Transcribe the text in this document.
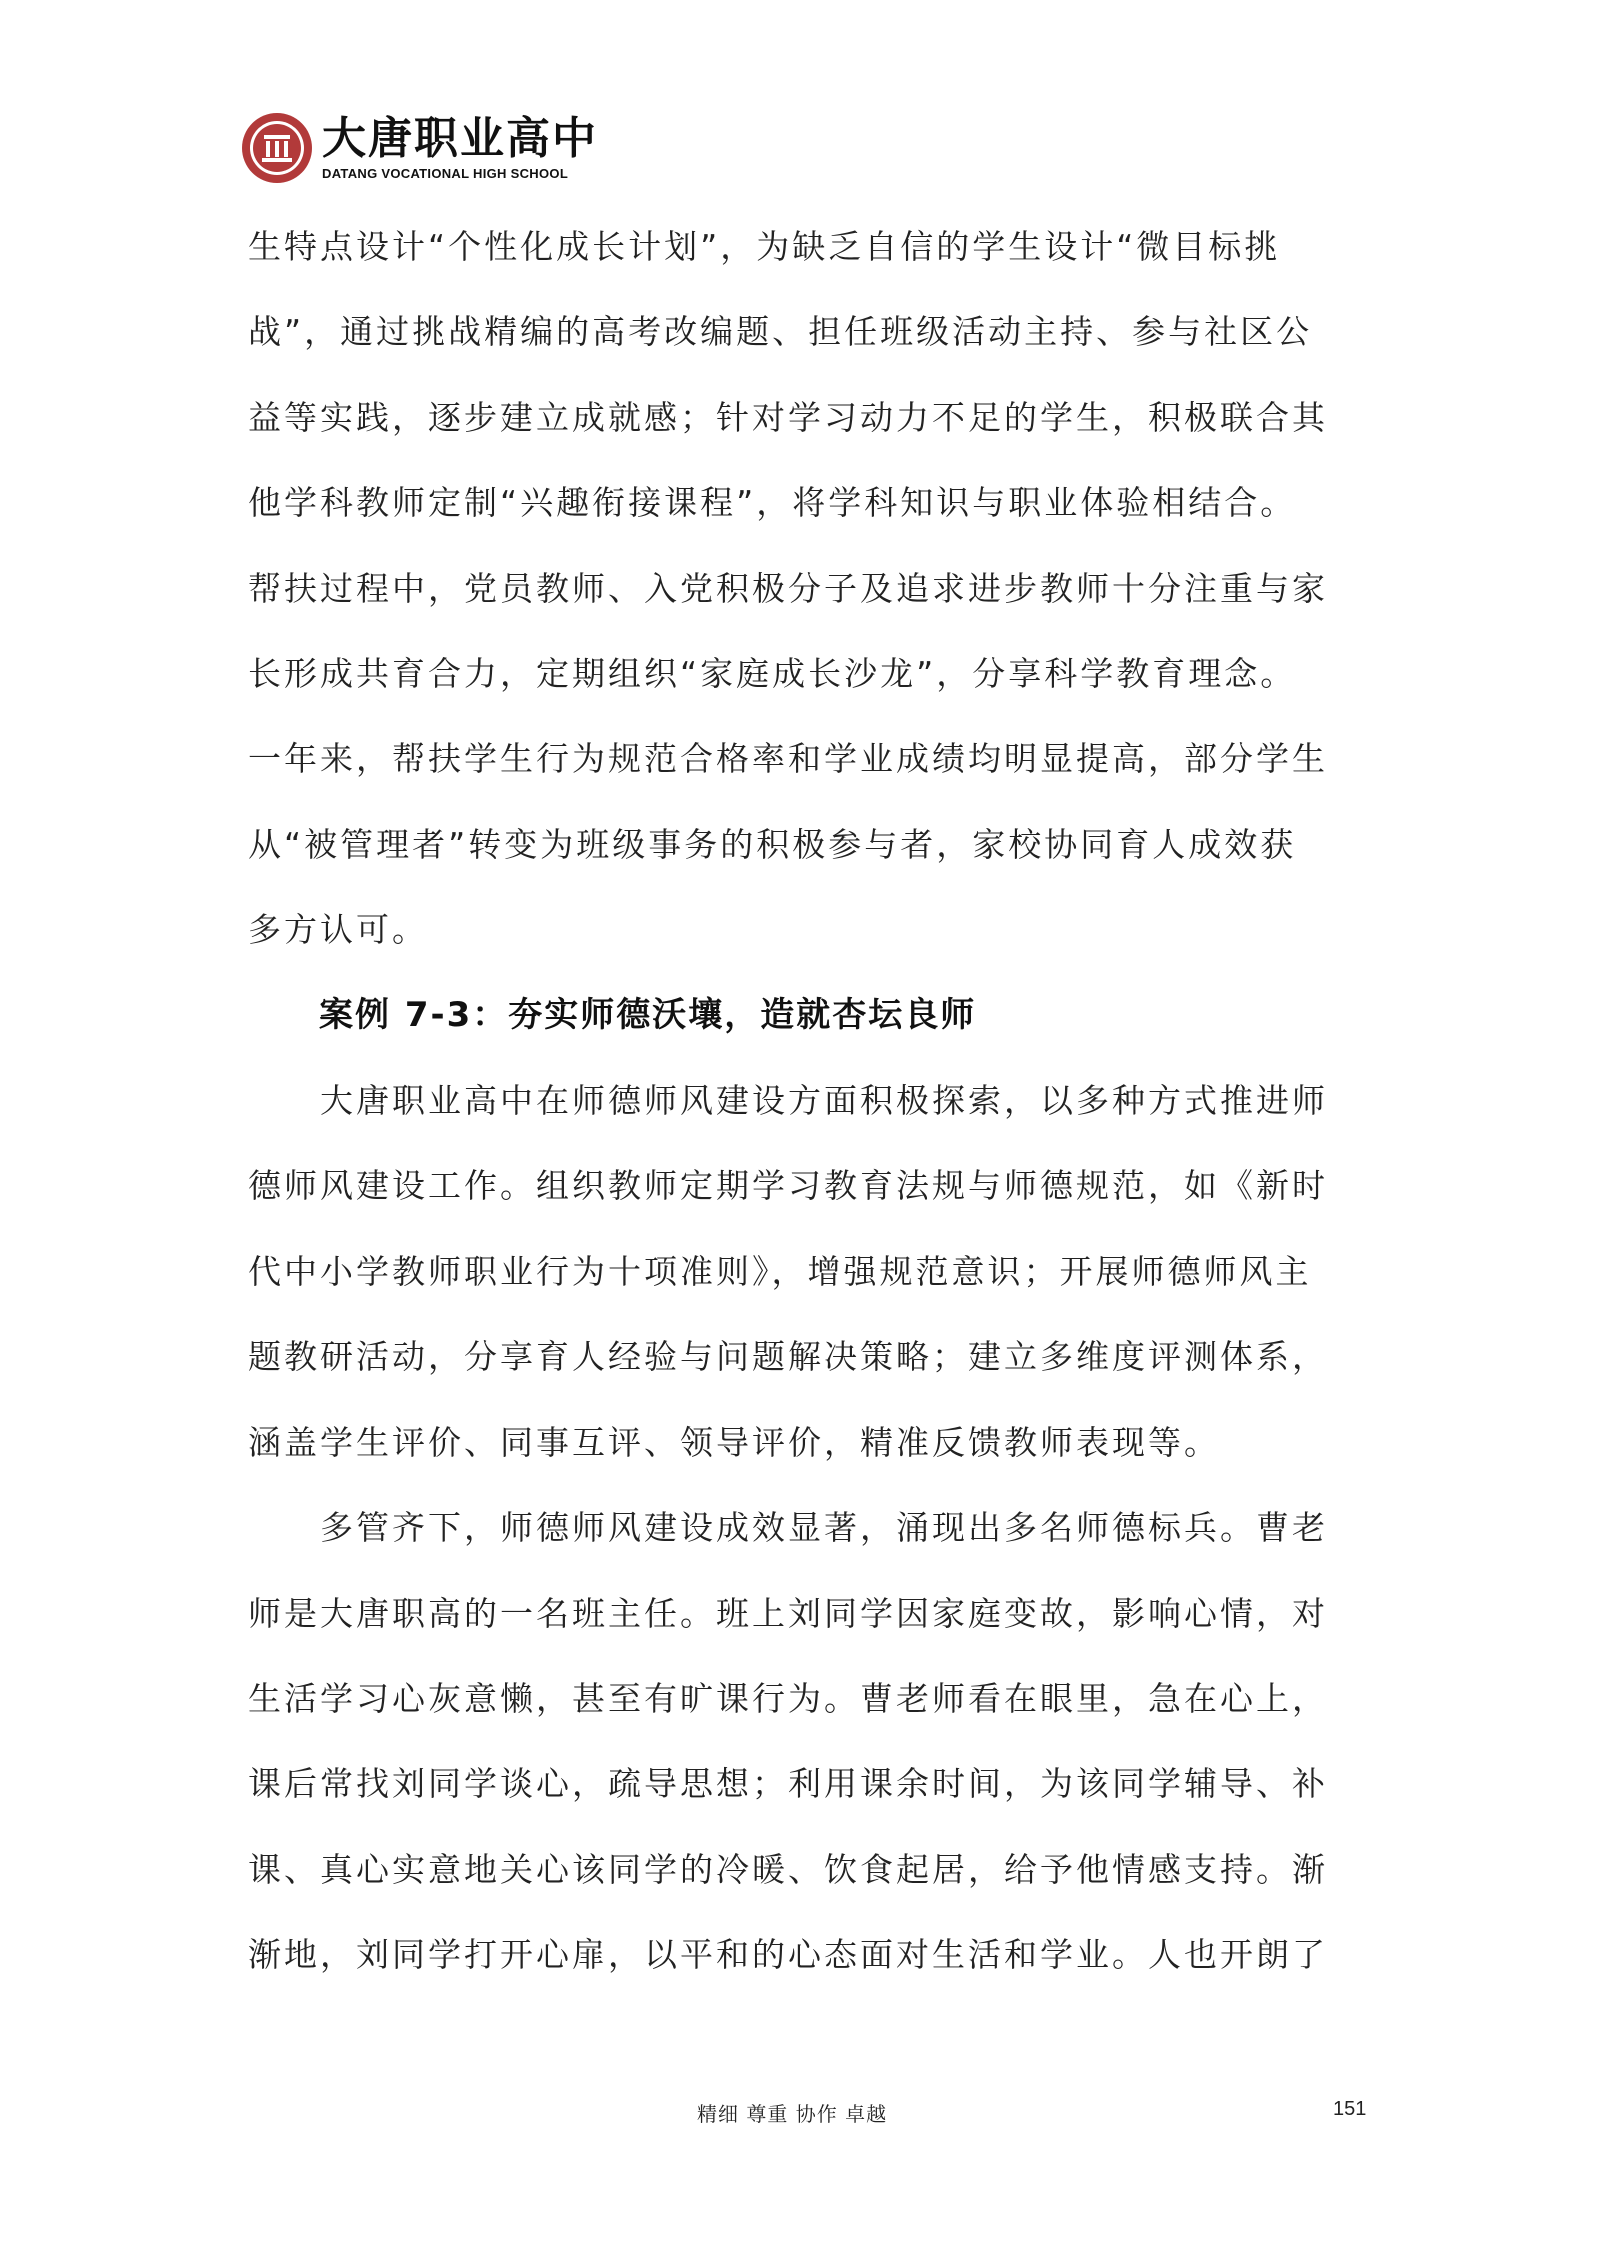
大唐职业高中
DATANG VOCATIONAL HIGH SCHOOL

生特点设计“个性化成长计划”，为缺乏自信的学生设计“微目标挑
战”，通过挑战精编的高考改编题、担任班级活动主持、参与社区公
益等实践，逐步建立成就感；针对学习动力不足的学生，积极联合其
他学科教师定制“兴趣衔接课程”，将学科知识与职业体验相结合。
帮扶过程中，党员教师、入党积极分子及追求进步教师十分注重与家
长形成共育合力，定期组织“家庭成长沙龙”，分享科学教育理念。
一年来，帮扶学生行为规范合格率和学业成绩均明显提高，部分学生
从“被管理者”转变为班级事务的积极参与者，家校协同育人成效获
多方认可。

案例 7-3：夯实师德沃壤，造就杏坛良师

　　大唐职业高中在师德师风建设方面积极探索，以多种方式推进师
德师风建设工作。组织教师定期学习教育法规与师德规范，如《新时
代中小学教师职业行为十项准则》，增强规范意识；开展师德师风主
题教研活动，分享育人经验与问题解决策略；建立多维度评测体系，
涵盖学生评价、同事互评、领导评价，精准反馈教师表现等。

　　多管齐下，师德师风建设成效显著，涌现出多名师德标兵。曹老
师是大唐职高的一名班主任。班上刘同学因家庭变故，影响心情，对
生活学习心灰意懒，甚至有旷课行为。曹老师看在眼里，急在心上，
课后常找刘同学谈心，疏导思想；利用课余时间，为该同学辅导、补
课、真心实意地关心该同学的冷暖、饮食起居，给予他情感支持。渐
渐地，刘同学打开心扉，以平和的心态面对生活和学业。人也开朗了

精细 尊重 协作 卓越	151
